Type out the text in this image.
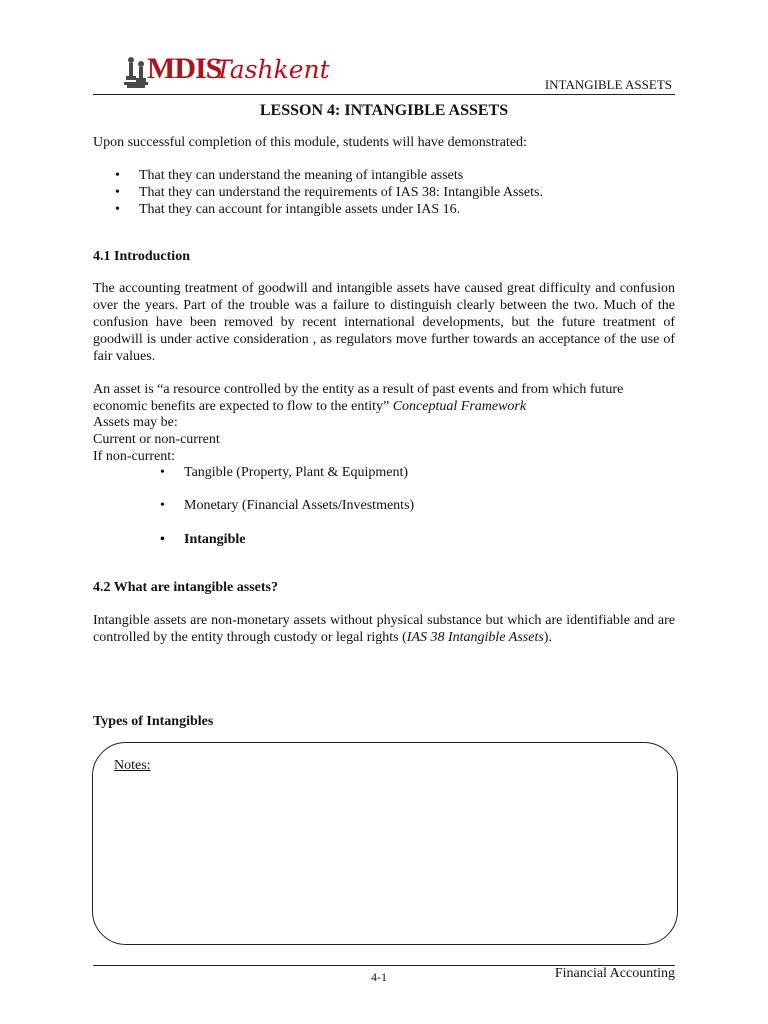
MDIS
Tashkent
INTANGIBLE ASSETS
LESSON 4: INTANGIBLE ASSETS
Upon successful completion of this module, students will have demonstrated:
•	That they can understand the meaning of intangible assets
•	That they can understand the requirements of IAS 38: Intangible Assets.
•	That they can account for intangible assets under IAS 16.
4.1 Introduction
The accounting treatment of goodwill and intangible assets have caused great difficulty and confusion over the years. Part of the trouble was a failure to distinguish clearly between the two. Much of the confusion have been removed by recent international developments, but the future treatment of goodwill is under active consideration , as regulators move further towards an acceptance of the use of fair values.
An asset is “a resource controlled by the entity as a result of past events and from which future economic benefits are expected to flow to the entity” Conceptual Framework
Assets may be:
Current or non-current
If non-current:
•	Tangible (Property, Plant & Equipment)
•	Monetary (Financial Assets/Investments)
•	Intangible
4.2 What are intangible assets?
Intangible assets are non-monetary assets without physical substance but which are identifiable and are controlled by the entity through custody or legal rights (IAS 38 Intangible Assets).
Types of Intangibles
Notes:
4-1	Financial Accounting
